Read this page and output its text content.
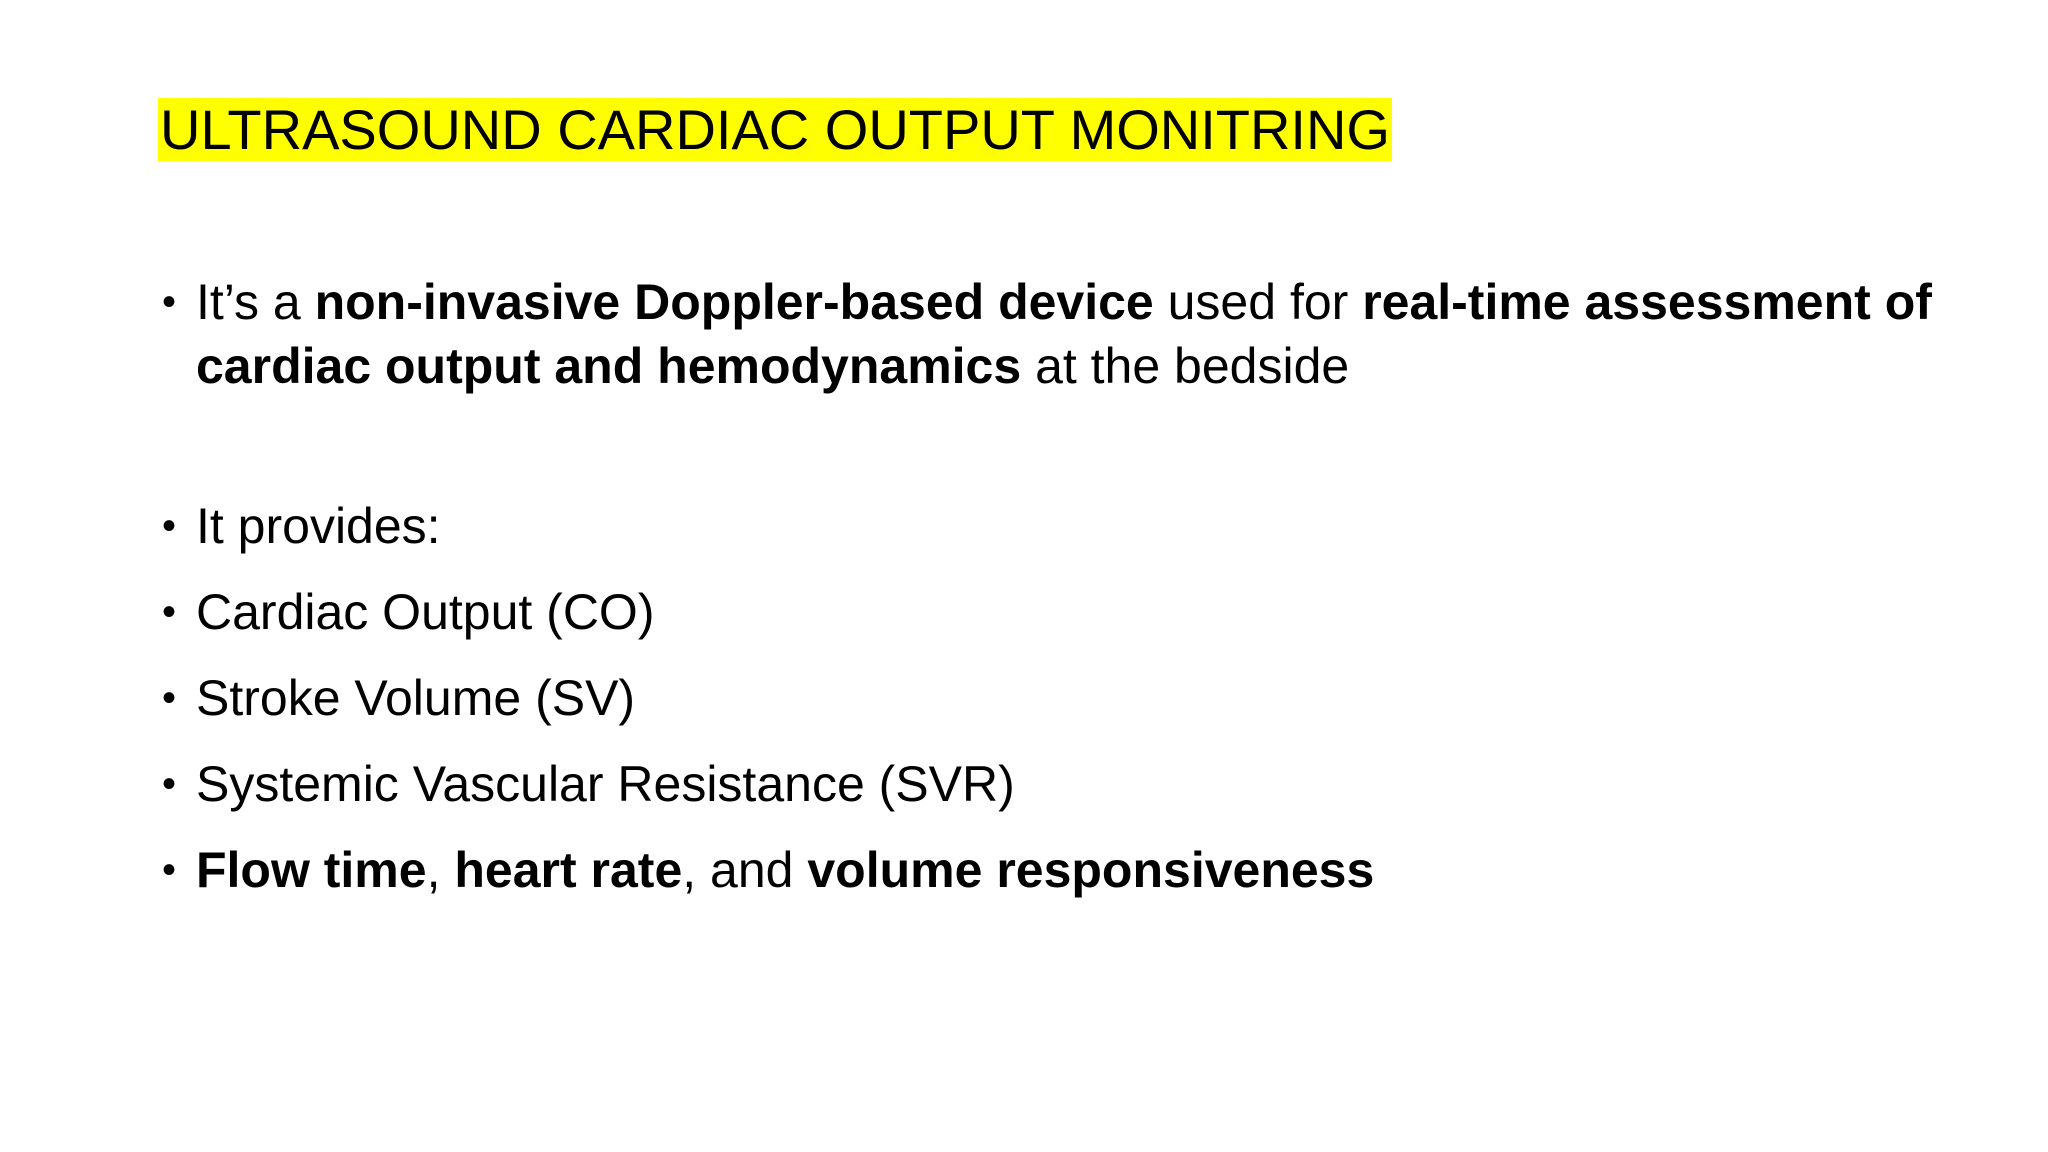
ULTRASOUND CARDIAC OUTPUT MONITRING
• It’s a non-invasive Doppler-based device used for real-time assessment of cardiac output and hemodynamics at the bedside
• It provides:
• Cardiac Output (CO)
• Stroke Volume (SV)
• Systemic Vascular Resistance (SVR)
• Flow time, heart rate, and volume responsiveness
